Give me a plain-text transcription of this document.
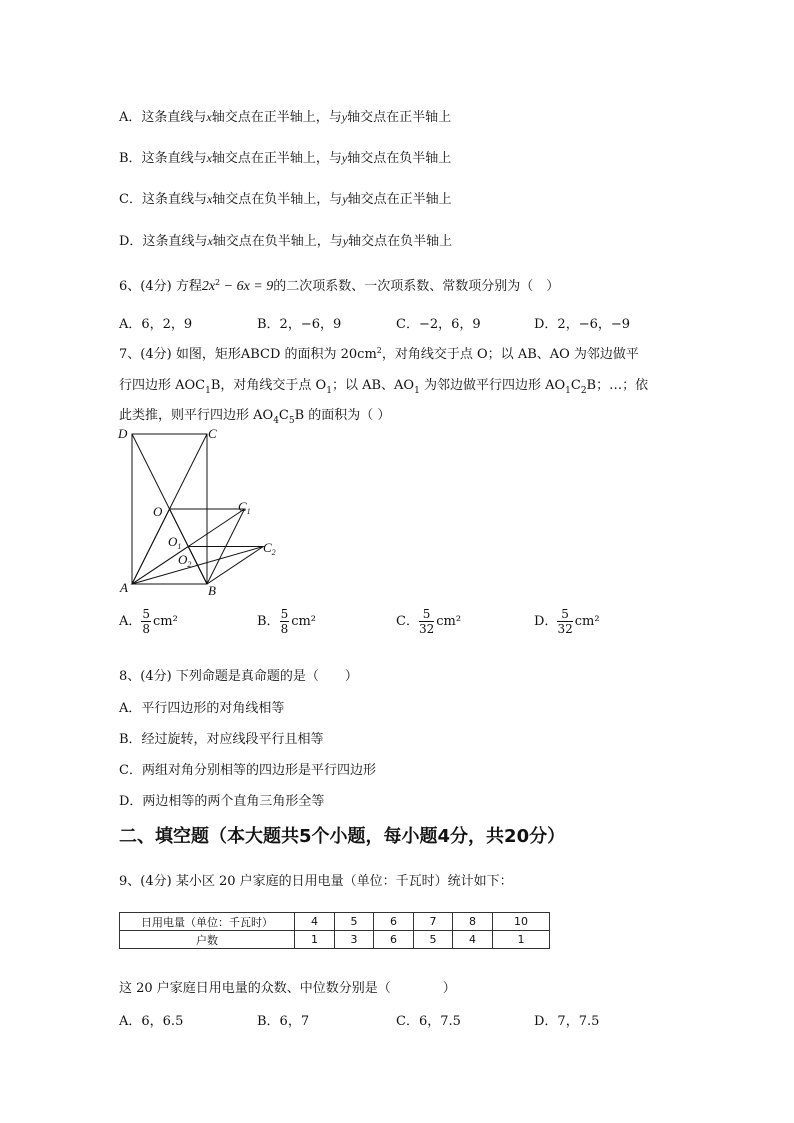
A．这条直线与x轴交点在正半轴上，与y轴交点在正半轴上
B．这条直线与x轴交点在正半轴上，与y轴交点在负半轴上
C．这条直线与x轴交点在负半轴上，与y轴交点在正半轴上
D．这条直线与x轴交点在负半轴上，与y轴交点在负半轴上
6、(4分) 方程$2x^2 - 6x = 9$的二次项系数、一次项系数、常数项分别为（　）
A．6，2，9	B．2，−6，9	C．−2，6，9	D．2，−6，−9
7、(4分) 如图，矩形ABCD 的面积为 $20cm^2$，对角线交于点 O；以 AB、AO 为邻边做平
行四边形 $AOC_1B$，对角线交于点 $O_1$；以 AB、$AO_1$ 为邻边做平行四边形 $AO_1C_2B$；…；依
此类推，则平行四边形 $AO_4C_5B$ 的面积为（ ）
D	C
O	$C_1$
$O_1$	$C_2$
$O_2$
A	B
A． $\frac{5}{8} cm^2$	B． $\frac{5}{8} cm^2$	C． $\frac{5}{32} cm^2$	D． $\frac{5}{32} cm^2$
8、(4分) 下列命题是真命题的是（　　）
A．平行四边形的对角线相等
B．经过旋转，对应线段平行且相等
C．两组对角分别相等的四边形是平行四边形
D．两边相等的两个直角三角形全等
二、填空题（本大题共5个小题，每小题4分，共20分）
9、(4分) 某小区 20 户家庭的日用电量（单位：千瓦时）统计如下：
日用电量（单位：千瓦时）	4	5	6	7	8	10
户数	1	3	6	5	4	1
这 20 户家庭日用电量的众数、中位数分别是（　　　　）
A．6，6.5	B．6，7	C．6，7.5	D．7，7.5
